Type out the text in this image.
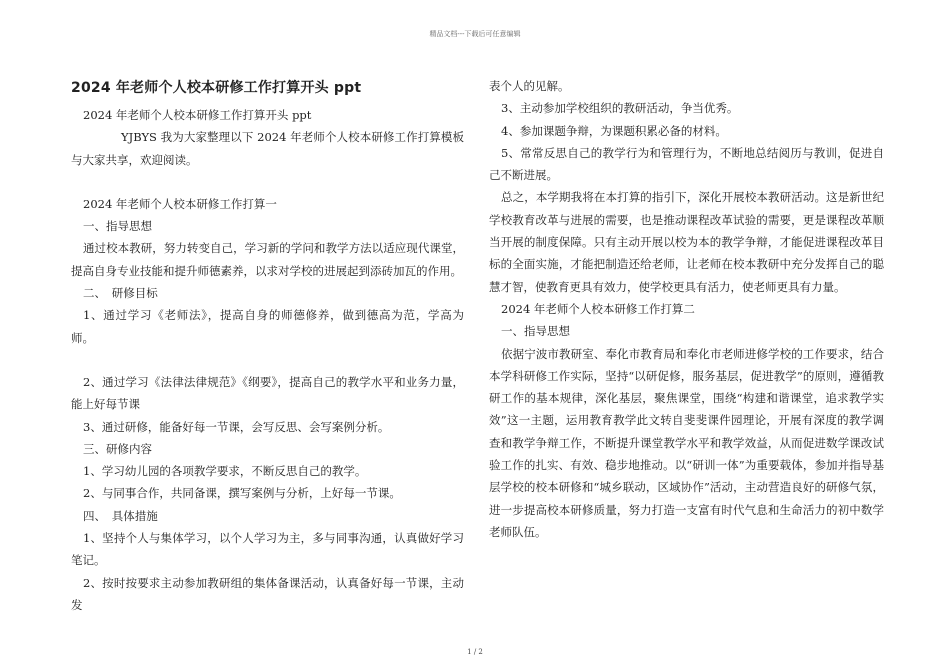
精品文档---下载后可任意编辑
2024 年老师个人校本研修工作打算开头 ppt

2024 年老师个人校本研修工作打算开头 ppt

YJBYS 我为大家整理以下 2024 年老师个人校本研修工作打算模板与大家共享，欢迎阅读。

2024 年老师个人校本研修工作打算一

一、指导思想

通过校本教研，努力转变自己，学习新的学问和教学方法以适应现代课堂，提高自身专业技能和提升师德素养，以求对学校的进展起到添砖加瓦的作用。

二、　研修目标

1、通过学习《老师法》，提高自身的师德修养，做到德高为范，学高为师。

2、通过学习《法律法律规范》《纲要》，提高自己的教学水平和业务力量，能上好每节课

3、通过研修，能备好每一节课，会写反思、会写案例分析。

三、研修内容

1、学习幼儿园的各项教学要求，不断反思自己的教学。

2、与同事合作，共同备课，撰写案例与分析，上好每一节课。

四、　具体措施

1、坚持个人与集体学习，以个人学习为主，多与同事沟通，认真做好学习笔记。

2、按时按要求主动参加教研组的集体备课活动，认真备好每一节课，主动发

表个人的见解。

3、主动参加学校组织的教研活动，争当优秀。

4、参加课题争辩，为课题积累必备的材料。

5、常常反思自己的教学行为和管理行为，不断地总结阅历与教训，促进自己不断进展。

总之，本学期我将在本打算的指引下，深化开展校本教研活动。这是新世纪学校教育改革与进展的需要，也是推动课程改革试验的需要，更是课程改革顺当开展的制度保障。只有主动开展以校为本的教学争辩，才能促进课程改革目标的全面实施，才能把制造还给老师，让老师在校本教研中充分发挥自己的聪慧才智，使教育更具有效力，使学校更具有活力，使老师更具有力量。

2024 年老师个人校本研修工作打算二

一、指导思想

依据宁波市教研室、奉化市教育局和奉化市老师进修学校的工作要求，结合本学科研修工作实际，坚持“以研促修，服务基层，促进教学”的原则，遵循教研工作的基本规律，深化基层，聚焦课堂，围绕“构建和谐课堂，追求教学实效”这一主题，运用教育教学此文转自斐斐课件园理论，开展有深度的教学调查和教学争辩工作，不断提升课堂教学水平和教学效益，从而促进数学课改试验工作的扎实、有效、稳步地推动。以“研训一体”为重要载体，参加并指导基层学校的校本研修和“城乡联动，区域协作”活动，主动营造良好的研修气氛，进一步提高校本研修质量，努力打造一支富有时代气息和生命活力的初中数学老师队伍。

1 / 2
